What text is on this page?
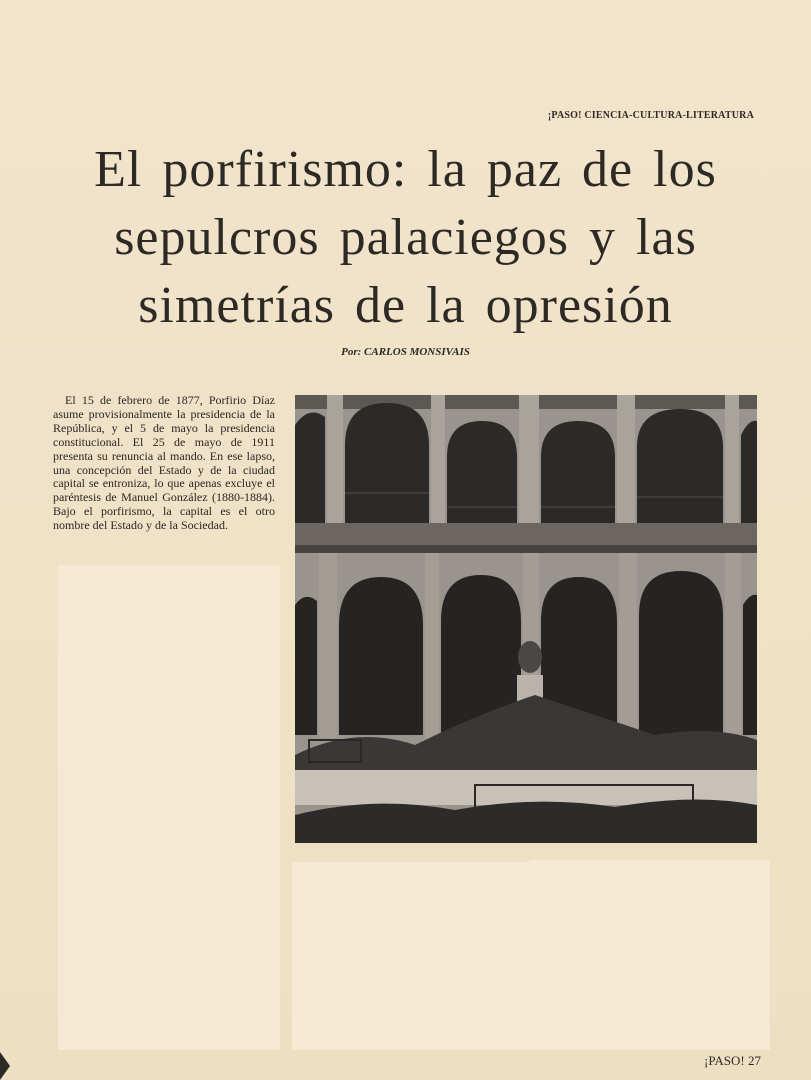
¡PASO! CIENCIA-CULTURA-LITERATURA
El porfirismo: la paz de los
sepulcros palaciegos y las
simetrías de la opresión
Por: CARLOS MONSIVAIS

El 15 de febrero de 1877, Porfirio Díaz asume provisionalmente la presidencia de la República, y el 5 de mayo la presidencia constitucional. El 25 de mayo de 1911 presenta su renuncia al mando. En ese lapso, una concepción del Estado y de la ciudad capital se entroniza, lo que apenas excluye el paréntesis de Manuel González (1880-1884). Bajo el porfirismo, la capital es el otro nombre del Estado y de la Sociedad.

¡PASO! 27
